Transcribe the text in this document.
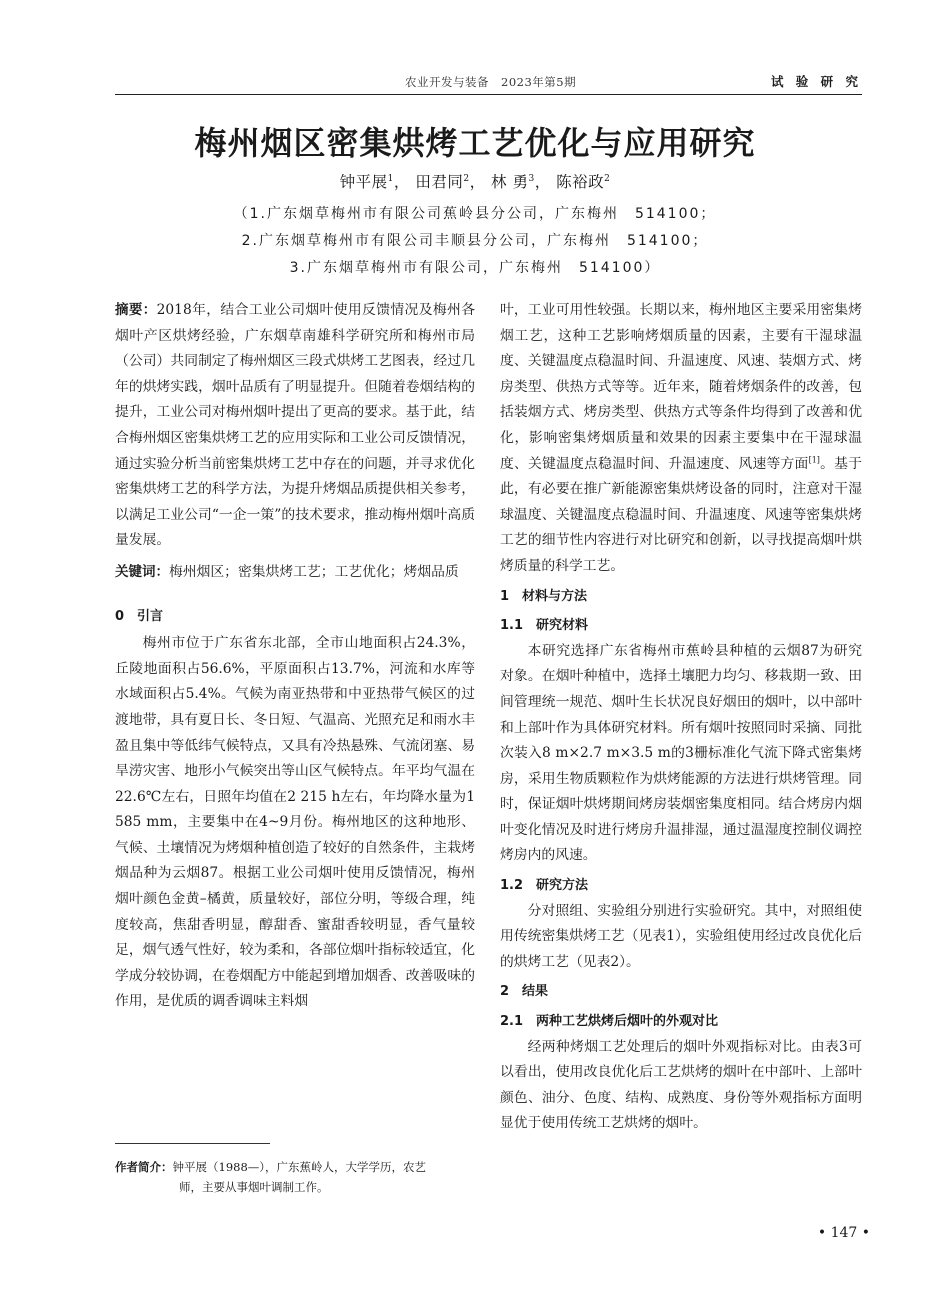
农业开发与装备　2023年第5期	试 验 研 究
梅州烟区密集烘烤工艺优化与应用研究
钟平展$^1$， 田君同$^2$， 林 勇$^3$， 陈裕政$^2$
（1.广东烟草梅州市有限公司蕉岭县分公司，广东梅州　514100；
2.广东烟草梅州市有限公司丰顺县分公司，广东梅州　514100；
3.广东烟草梅州市有限公司，广东梅州　514100）

摘要：2018年，结合工业公司烟叶使用反馈情况及梅州各烟叶产区烘烤经验，广东烟草南雄科学研究所和梅州市局（公司）共同制定了梅州烟区三段式烘烤工艺图表，经过几年的烘烤实践，烟叶品质有了明显提升。但随着卷烟结构的提升，工业公司对梅州烟叶提出了更高的要求。基于此，结合梅州烟区密集烘烤工艺的应用实际和工业公司反馈情况，通过实验分析当前密集烘烤工艺中存在的问题，并寻求优化密集烘烤工艺的科学方法，为提升烤烟品质提供相关参考，以满足工业公司“一企一策”的技术要求，推动梅州烟叶高质量发展。

关键词：梅州烟区；密集烘烤工艺；工艺优化；烤烟品质

0　引言

梅州市位于广东省东北部，全市山地面积占24.3%，丘陵地面积占56.6%，平原面积占13.7%，河流和水库等水域面积占5.4%。气候为南亚热带和中亚热带气候区的过渡地带，具有夏日长、冬日短、气温高、光照充足和雨水丰盈且集中等低纬气候特点，又具有冷热悬殊、气流闭塞、易旱涝灾害、地形小气候突出等山区气候特点。年平均气温在22.6℃左右，日照年均值在2 215 h左右，年均降水量为1 585 mm，主要集中在4~9月份。梅州地区的这种地形、气候、土壤情况为烤烟种植创造了较好的自然条件，主栽烤烟品种为云烟87。根据工业公司烟叶使用反馈情况，梅州烟叶颜色金黄–橘黄，质量较好，部位分明，等级合理，纯度较高，焦甜香明显，醇甜香、蜜甜香较明显，香气量较足，烟气透气性好，较为柔和，各部位烟叶指标较适宜，化学成分较协调，在卷烟配方中能起到增加烟香、改善吸味的作用，是优质的调香调味主料烟

叶，工业可用性较强。长期以来，梅州地区主要采用密集烤烟工艺，这种工艺影响烤烟质量的因素，主要有干湿球温度、关键温度点稳温时间、升温速度、风速、装烟方式、烤房类型、供热方式等等。近年来，随着烤烟条件的改善，包括装烟方式、烤房类型、供热方式等条件均得到了改善和优化，影响密集烤烟质量和效果的因素主要集中在干湿球温度、关键温度点稳温时间、升温速度、风速等方面[1]。基于此，有必要在推广新能源密集烘烤设备的同时，注意对干湿球温度、关键温度点稳温时间、升温速度、风速等密集烘烤工艺的细节性内容进行对比研究和创新，以寻找提高烟叶烘烤质量的科学工艺。

1　材料与方法

1.1　研究材料

本研究选择广东省梅州市蕉岭县种植的云烟87为研究对象。在烟叶种植中，选择土壤肥力均匀、移栽期一致、田间管理统一规范、烟叶生长状况良好烟田的烟叶，以中部叶和上部叶作为具体研究材料。所有烟叶按照同时采摘、同批次装入8 m×2.7 m×3.5 m的3栅标准化气流下降式密集烤房，采用生物质颗粒作为烘烤能源的方法进行烘烤管理。同时，保证烟叶烘烤期间烤房装烟密集度相同。结合烤房内烟叶变化情况及时进行烤房升温排湿，通过温湿度控制仪调控烤房内的风速。

1.2　研究方法

分对照组、实验组分别进行实验研究。其中，对照组使用传统密集烘烤工艺（见表1），实验组使用经过改良优化后的烘烤工艺（见表2）。

2　结果

2.1　两种工艺烘烤后烟叶的外观对比

经两种烤烟工艺处理后的烟叶外观指标对比。由表3可以看出，使用改良优化后工艺烘烤的烟叶在中部叶、上部叶颜色、油分、色度、结构、成熟度、身份等外观指标方面明显优于使用传统工艺烘烤的烟叶。

作者简介：钟平展（1988—），广东蕉岭人，大学学历，农艺
师，主要从事烟叶调制工作。
• 147 •
